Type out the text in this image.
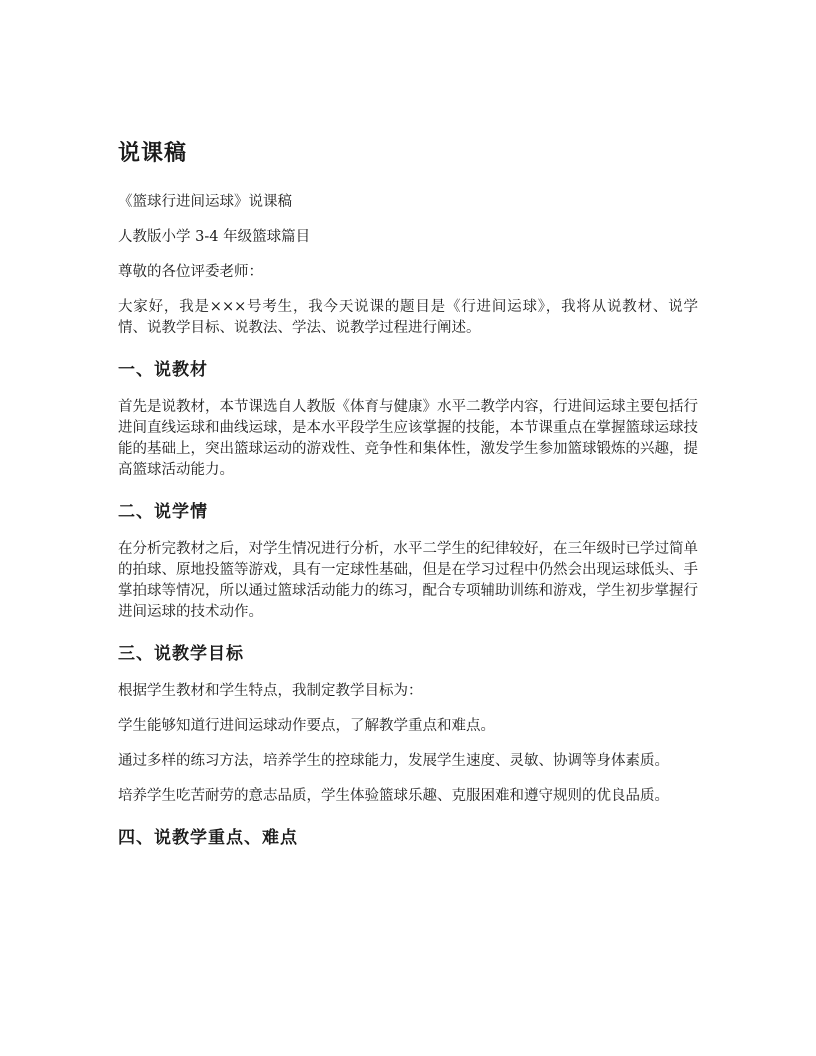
说课稿

《篮球行进间运球》说课稿

人教版小学 3-4 年级篮球篇目

尊敬的各位评委老师：

大家好，我是×××号考生，我今天说课的题目是《行进间运球》，我将从说教材、说学情、说教学目标、说教法、学法、说教学过程进行阐述。

一、说教材

首先是说教材，本节课选自人教版《体育与健康》水平二教学内容，行进间运球主要包括行进间直线运球和曲线运球，是本水平段学生应该掌握的技能，本节课重点在掌握篮球运球技能的基础上，突出篮球运动的游戏性、竞争性和集体性，激发学生参加篮球锻炼的兴趣，提高篮球活动能力。

二、说学情

在分析完教材之后，对学生情况进行分析，水平二学生的纪律较好，在三年级时已学过简单的拍球、原地投篮等游戏，具有一定球性基础，但是在学习过程中仍然会出现运球低头、手掌拍球等情况，所以通过篮球活动能力的练习，配合专项辅助训练和游戏，学生初步掌握行进间运球的技术动作。

三、说教学目标

根据学生教材和学生特点，我制定教学目标为：

学生能够知道行进间运球动作要点，了解教学重点和难点。

通过多样的练习方法，培养学生的控球能力，发展学生速度、灵敏、协调等身体素质。

培养学生吃苦耐劳的意志品质，学生体验篮球乐趣、克服困难和遵守规则的优良品质。

四、说教学重点、难点
